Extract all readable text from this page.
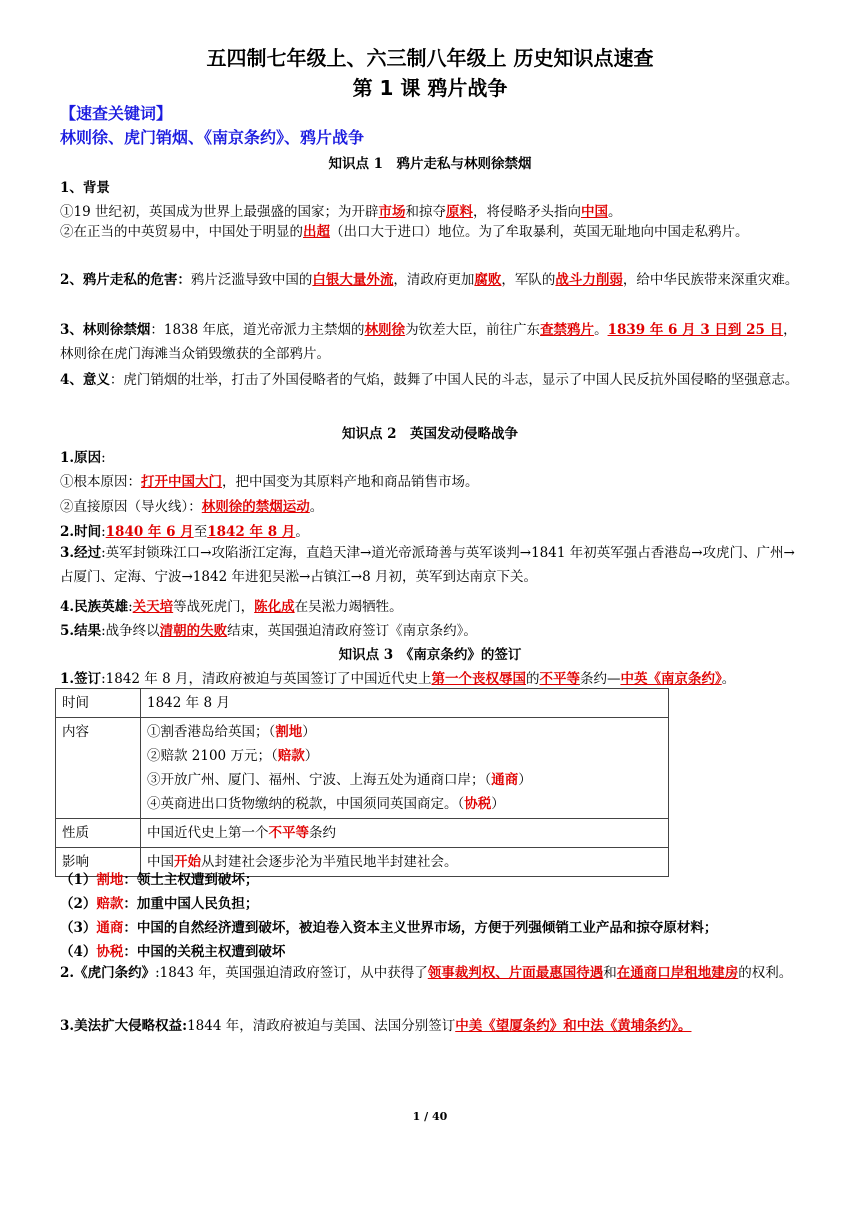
五四制七年级上、六三制八年级上 历史知识点速查
第 1 课 鸦片战争
【速查关键词】
林则徐、虎门销烟、《南京条约》、鸦片战争
知识点 1　鸦片走私与林则徐禁烟
1、背景
①19 世纪初，英国成为世界上最强盛的国家；为开辟市场和掠夺原料，将侵略矛头指向中国。
②在正当的中英贸易中，中国处于明显的出超（出口大于进口）地位。为了牟取暴利，英国无耻地向中国走私鸦片。
2、鸦片走私的危害：鸦片泛滥导致中国的白银大量外流，清政府更加腐败，军队的战斗力削弱，给中华民族带来深重灾难。
3、林则徐禁烟：1838 年底，道光帝派力主禁烟的林则徐为钦差大臣，前往广东查禁鸦片。1839 年 6 月 3 日到 25 日，林则徐在虎门海滩当众销毁缴获的全部鸦片。
4、意义：虎门销烟的壮举，打击了外国侵略者的气焰，鼓舞了中国人民的斗志，显示了中国人民反抗外国侵略的坚强意志。
知识点 2　英国发动侵略战争
1.原因:
①根本原因：打开中国大门，把中国变为其原料产地和商品销售市场。
②直接原因（导火线）：林则徐的禁烟运动。
2.时间:1840 年 6 月至1842 年 8 月。
3.经过:英军封锁珠江口→攻陷浙江定海，直趋天津→道光帝派琦善与英军谈判→1841 年初英军强占香港岛→攻虎门、广州→占厦门、定海、宁波→1842 年进犯吴淞→占镇江→8 月初，英军到达南京下关。
4.民族英雄:关天培等战死虎门，陈化成在吴淞力竭牺牲。
5.结果:战争终以清朝的失败结束，英国强迫清政府签订《南京条约》。
知识点 3　《南京条约》的签订
1.签订:1842 年 8 月，清政府被迫与英国签订了中国近代史上第一个丧权辱国的不平等条约—中英《南京条约》。
时间	1842 年 8 月
内容	①割香港岛给英国；（割地）
②赔款 2100 万元；（赔款）
③开放广州、厦门、福州、宁波、上海五处为通商口岸；（通商）
④英商进出口货物缴纳的税款，中国须同英国商定。（协税）

性质	中国近代史上第一个不平等条约
影响	中国开始从封建社会逐步沦为半殖民地半封建社会。
（1）割地：领土主权遭到破坏；
（2）赔款：加重中国人民负担；
（3）通商：中国的自然经济遭到破坏，被迫卷入资本主义世界市场，方便于列强倾销工业产品和掠夺原材料；
（4）协税：中国的关税主权遭到破坏
2.《虎门条约》:1843 年，英国强迫清政府签订，从中获得了领事裁判权、片面最惠国待遇和在通商口岸租地建房的权利。
3.美法扩大侵略权益:1844 年，清政府被迫与美国、法国分别签订中美《望厦条约》和中法《黄埔条约》。
1 / 40
